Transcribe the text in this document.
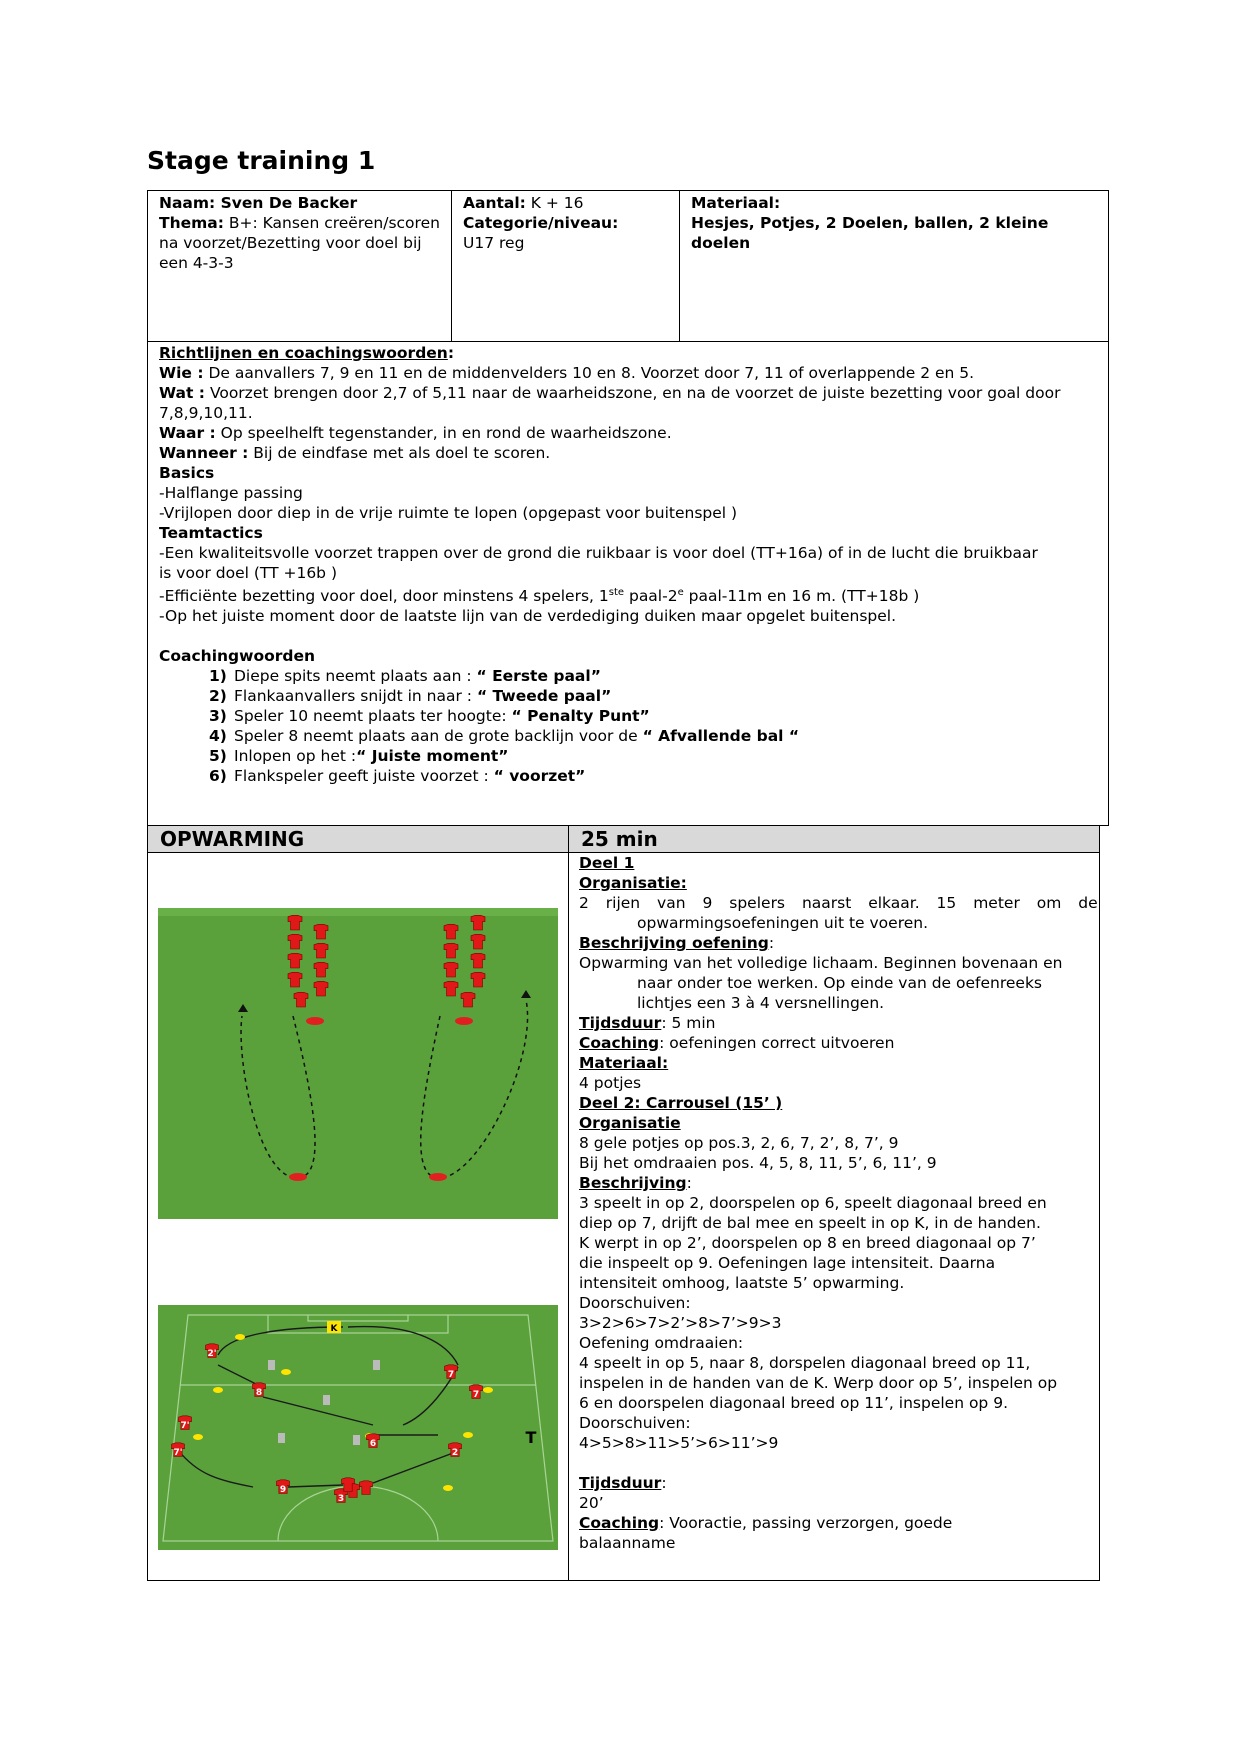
Stage training 1
Naam: Sven De Backer
Thema: B+: Kansen creëren/scoren na voorzet/Bezetting voor doel bij een 4-3-3
Aantal: K + 16
Categorie/niveau:
U17 reg
Materiaal:
Hesjes, Potjes, 2 Doelen, ballen, 2 kleine doelen
Richtlijnen en coachingswoorden:
Wie : De aanvallers 7, 9 en 11 en de middenvelders 10 en 8. Voorzet door 7, 11 of overlappende 2 en 5.
Wat : Voorzet brengen door 2,7 of 5,11 naar de waarheidszone, en na de voorzet de juiste bezetting voor goal door 7,8,9,10,11.
Waar : Op speelhelft tegenstander, in en rond de waarheidszone.
Wanneer : Bij de eindfase met als doel te scoren.
Basics
-Halflange passing
-Vrijlopen door diep in de vrije ruimte te lopen (opgepast voor buitenspel )
Teamtactics
-Een kwaliteitsvolle voorzet trappen over de grond die ruikbaar is voor doel (TT+16a) of in de lucht die bruikbaar
is voor doel (TT +16b )
-Efficiënte bezetting voor doel, door minstens 4 spelers, 1ste paal-2e paal-11m en 16 m. (TT+18b )
-Op het juiste moment door de laatste lijn van de verdediging duiken maar opgelet buitenspel.
Coachingwoorden
1) Diepe spits neemt plaats aan : “ Eerste paal”
2) Flankaanvallers snijdt in naar : “ Tweede paal”
3) Speler 10 neemt plaats ter hoogte: “ Penalty Punt”
4) Speler 8 neemt plaats aan de grote backlijn voor de “ Afvallende bal “
5) Inlopen op het :“ Juiste moment”
6) Flankspeler geeft juiste voorzet : “ voorzet”
OPWARMING	25 min
K
2'
8
7'
7'
9
6
7
7
2
3
T
Deel 1
Organisatie:
2 rijen van 9 spelers naarst elkaar. 15 meter om de
opwarmingsoefeningen uit te voeren.
Beschrijving oefening:
Opwarming van het volledige lichaam. Beginnen bovenaan en
naar onder toe werken. Op einde van de oefenreeks
lichtjes een 3 à 4 versnellingen.
Tijdsduur: 5 min
Coaching: oefeningen correct uitvoeren
Materiaal:
4 potjes
Deel 2: Carrousel (15’ )
Organisatie
8 gele potjes op pos.3, 2, 6, 7, 2’, 8, 7’, 9
Bij het omdraaien pos. 4, 5, 8, 11, 5’, 6, 11’, 9
Beschrijving:
3 speelt in op 2, doorspelen op 6, speelt diagonaal breed en
diep op 7, drijft de bal mee en speelt in op K, in de handen.
K werpt in op 2’, doorspelen op 8 en breed diagonaal op 7’
die inspeelt op 9. Oefeningen lage intensiteit. Daarna
intensiteit omhoog, laatste 5’ opwarming.
Doorschuiven:
3>2>6>7>2’>8>7’>9>3
Oefening omdraaien:
4 speelt in op 5, naar 8, dorspelen diagonaal breed op 11,
inspelen in de handen van de K. Werp door op 5’, inspelen op
6 en doorspelen diagonaal breed op 11’, inspelen op 9.
Doorschuiven:
4>5>8>11>5’>6>11’>9
Tijdsduur:
20’
Coaching: Vooractie, passing verzorgen, goede
balaanname
